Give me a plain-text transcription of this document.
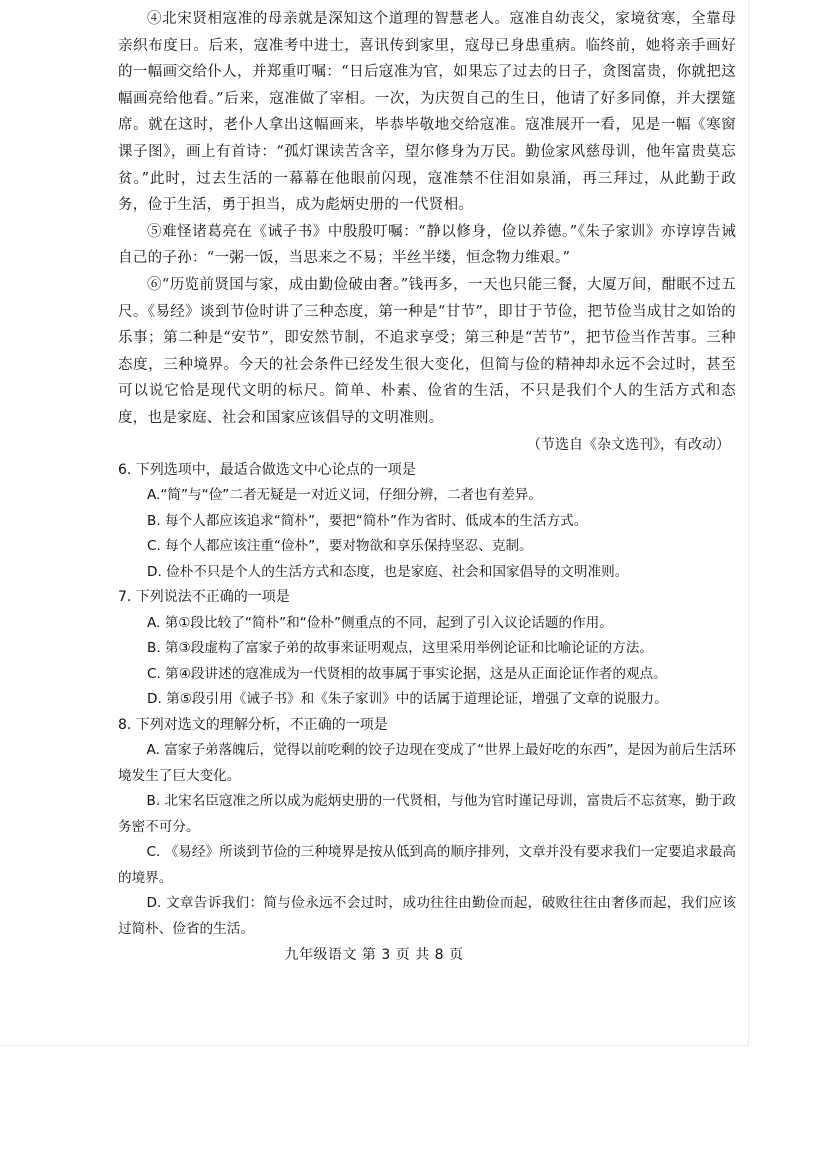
④北宋贤相寇准的母亲就是深知这个道理的智慧老人。寇准自幼丧父，家境贫寒，全靠母亲织布度日。后来，寇准考中进士，喜讯传到家里，寇母已身患重病。临终前，她将亲手画好的一幅画交给仆人，并郑重叮嘱：“日后寇准为官，如果忘了过去的日子，贪图富贵，你就把这幅画亮给他看。”后来，寇准做了宰相。一次，为庆贺自己的生日，他请了好多同僚，并大摆筵席。就在这时，老仆人拿出这幅画来，毕恭毕敬地交给寇准。寇准展开一看，见是一幅《寒窗课子图》，画上有首诗：“孤灯课读苦含辛，望尔修身为万民。勤俭家风慈母训，他年富贵莫忘贫。”此时，过去生活的一幕幕在他眼前闪现，寇准禁不住泪如泉涌，再三拜过，从此勤于政务，俭于生活，勇于担当，成为彪炳史册的一代贤相。

⑤难怪诸葛亮在《诫子书》中殷殷叮嘱：“静以修身，俭以养德。”《朱子家训》亦谆谆告诫自己的子孙：“一粥一饭，当思来之不易；半丝半缕，恒念物力维艰。”

⑥“历览前贤国与家，成由勤俭破由奢。”钱再多，一天也只能三餐，大厦万间，酣眠不过五尺。《易经》谈到节俭时讲了三种态度，第一种是“甘节”，即甘于节俭，把节俭当成甘之如饴的乐事；第二种是“安节”，即安然节制，不追求享受；第三种是“苦节”，把节俭当作苦事。三种态度，三种境界。今天的社会条件已经发生很大变化，但简与俭的精神却永远不会过时，甚至可以说它恰是现代文明的标尺。简单、朴素、俭省的生活，不只是我们个人的生活方式和态度，也是家庭、社会和国家应该倡导的文明准则。

（节选自《杂文选刊》，有改动）

6. 下列选项中，最适合做选文中心论点的一项是

A.“简”与“俭”二者无疑是一对近义词，仔细分辨，二者也有差异。

B. 每个人都应该追求“简朴”，要把“简朴”作为省时、低成本的生活方式。

C. 每个人都应该注重“俭朴”，要对物欲和享乐保持坚忍、克制。

D. 俭朴不只是个人的生活方式和态度，也是家庭、社会和国家倡导的文明准则。

7. 下列说法不正确的一项是

A. 第①段比较了“简朴”和“俭朴”侧重点的不同，起到了引入议论话题的作用。

B. 第③段虚构了富家子弟的故事来证明观点，这里采用举例论证和比喻论证的方法。

C. 第④段讲述的寇准成为一代贤相的故事属于事实论据，这是从正面论证作者的观点。

D. 第⑤段引用《诫子书》和《朱子家训》中的话属于道理论证，增强了文章的说服力。

8. 下列对选文的理解分析，不正确的一项是

A. 富家子弟落魄后，觉得以前吃剩的饺子边现在变成了“世界上最好吃的东西”，是因为前后生活环境发生了巨大变化。

B. 北宋名臣寇准之所以成为彪炳史册的一代贤相，与他为官时谨记母训，富贵后不忘贫寒，勤于政务密不可分。

C. 《易经》所谈到节俭的三种境界是按从低到高的顺序排列，文章并没有要求我们一定要追求最高的境界。

D. 文章告诉我们：简与俭永远不会过时，成功往往由勤俭而起，破败往往由奢侈而起，我们应该过简朴、俭省的生活。

九年级语文 第 3 页 共 8 页
